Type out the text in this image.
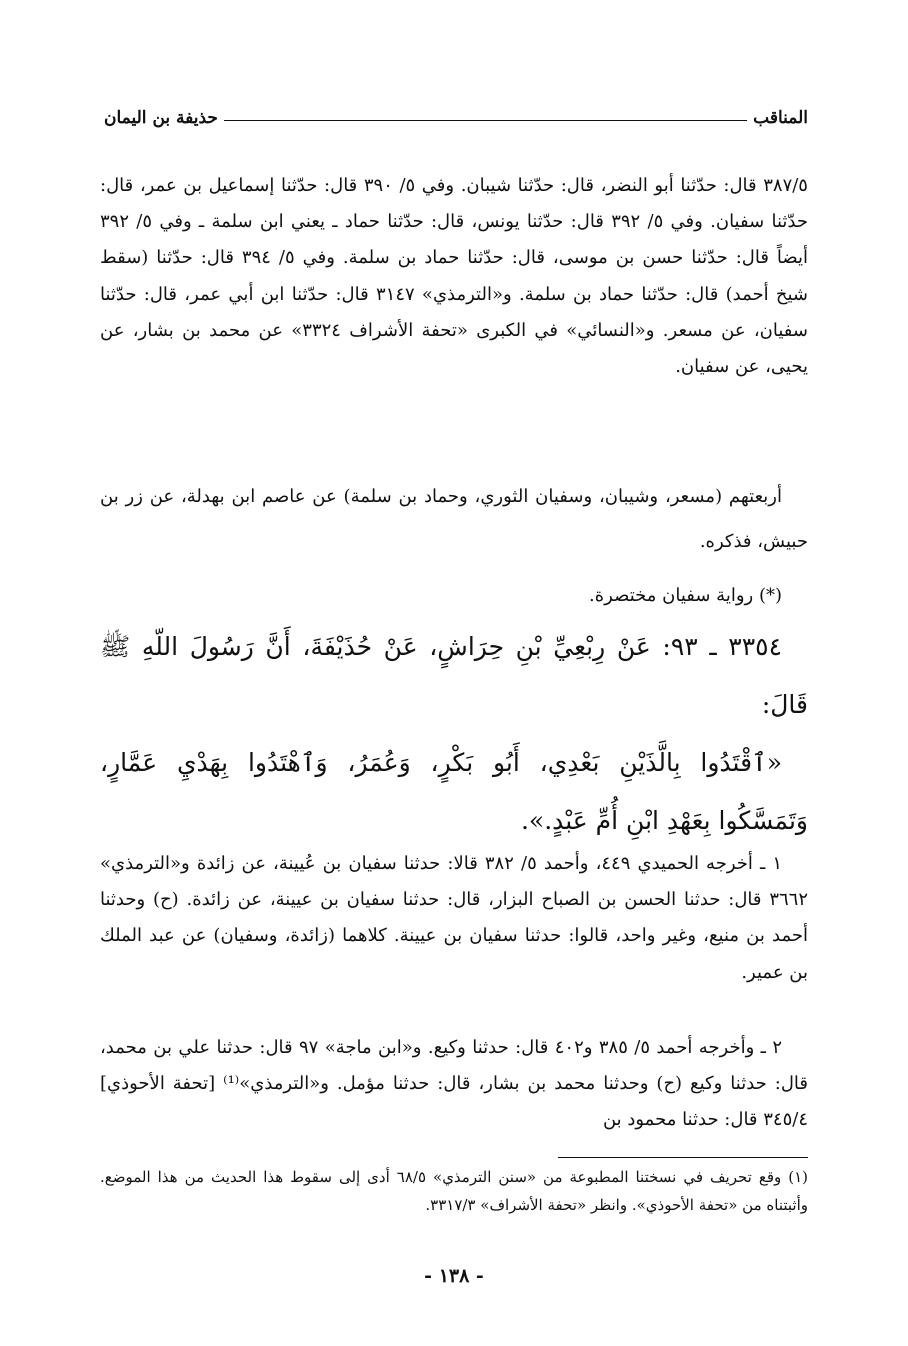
المناقب
حذيفة بن اليمان

٣٨٧/٥ قال: حدّثنا أبو النضر، قال: حدّثنا شيبان. وفي ٥/ ٣٩٠ قال: حدّثنا إسماعيل بن عمر، قال: حدّثنا سفيان. وفي ٥/ ٣٩٢ قال: حدّثنا يونس، قال: حدّثنا حماد ـ يعني ابن سلمة ـ وفي ٥/ ٣٩٢ أيضاً قال: حدّثنا حسن بن موسى، قال: حدّثنا حماد بن سلمة. وفي ٥/ ٣٩٤ قال: حدّثنا (سقط شيخ أحمد) قال: حدّثنا حماد بن سلمة. و«الترمذي» ٣١٤٧ قال: حدّثنا ابن أبي عمر، قال: حدّثنا سفيان، عن مسعر. و«النسائي» في الكبرى «تحفة الأشراف ٣٣٢٤» عن محمد بن بشار، عن يحيى، عن سفيان.

أربعتهم (مسعر، وشيبان، وسفيان الثوري، وحماد بن سلمة) عن عاصم ابن بهدلة، عن زر بن حبيش، فذكره.

(*) رواية سفيان مختصرة.

٣٣٥٤ ـ ٩٣: عَنْ رِبْعِيِّ بْنِ حِرَاشٍ، عَنْ حُذَيْفَةَ، أَنَّ رَسُولَ اللّهِ ﷺ قَالَ:

«ٱقْتَدُوا بِالَّذَيْنِ بَعْدِي، أَبُو بَكْرٍ، وَعُمَرُ، وَٱهْتَدُوا بِهَدْيِ عَمَّارٍ، وَتَمَسَّكُوا بِعَهْدِ ابْنِ أُمِّ عَبْدٍ.».

١ ـ أخرجه الحميدي ٤٤٩، وأحمد ٥/ ٣٨٢ قالا: حدثنا سفيان بن عُيينة، عن زائدة و«الترمذي» ٣٦٦٢ قال: حدثنا الحسن بن الصباح البزار، قال: حدثنا سفيان بن عيينة، عن زائدة. (ح) وحدثنا أحمد بن منيع، وغير واحد، قالوا: حدثنا سفيان بن عيينة. كلاهما (زائدة، وسفيان) عن عبد الملك بن عمير.

٢ ـ وأخرجه أحمد ٥/ ٣٨٥ و٤٠٢ قال: حدثنا وكيع. و«ابن ماجة» ٩٧ قال: حدثنا علي بن محمد، قال: حدثنا وكيع (ح) وحدثنا محمد بن بشار، قال: حدثنا مؤمل. و«الترمذي»⁽¹⁾ [تحفة الأحوذي] ٣٤٥/٤ قال: حدثنا محمود بن

(١) وقع تحريف في نسختنا المطبوعة من «سنن الترمذي» ٦٨/٥ أدى إلى سقوط هذا الحديث من هذا الموضع. وأثبتناه من «تحفة الأحوذي». وانظر «تحفة الأشراف» ٣٣١٧/٣.

- ١٣٨ -
